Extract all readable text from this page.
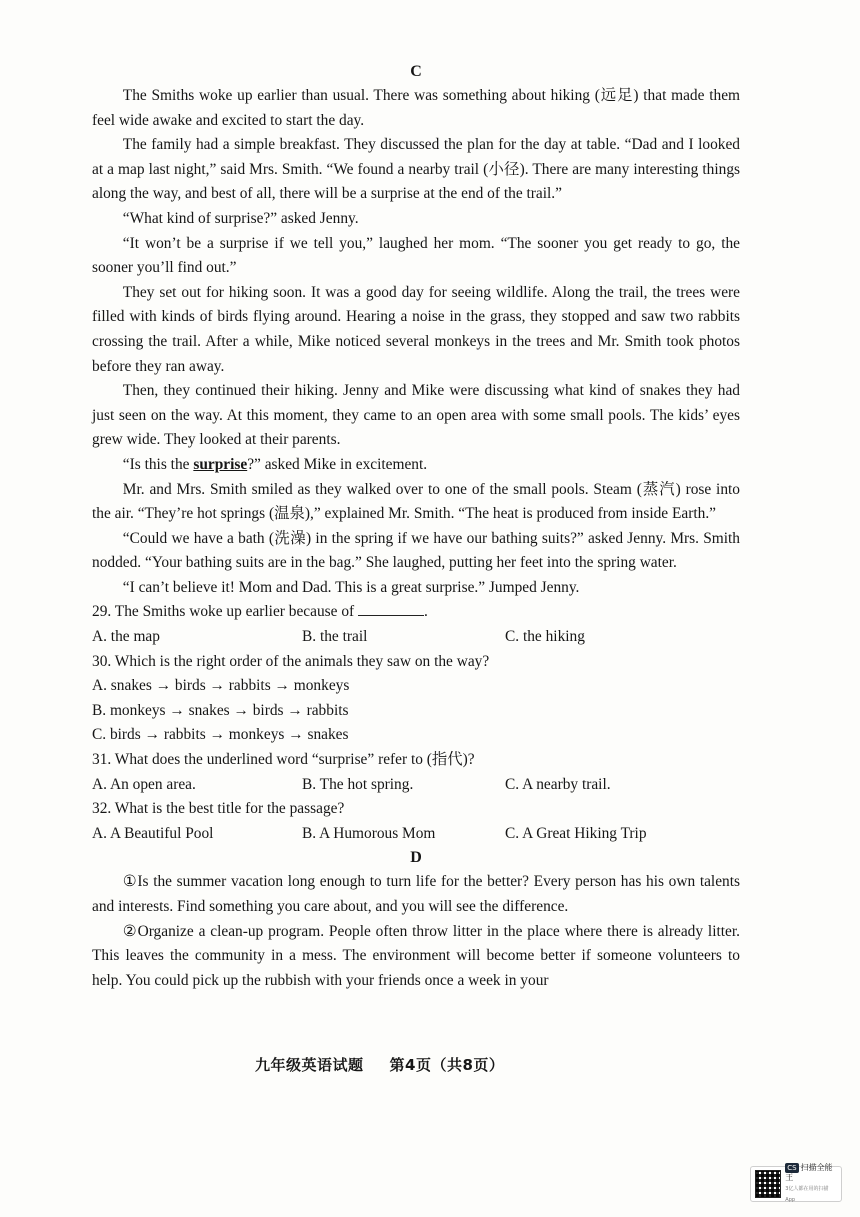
C

The Smiths woke up earlier than usual. There was something about hiking (远足) that made them feel wide awake and excited to start the day.

The family had a simple breakfast. They discussed the plan for the day at table. “Dad and I looked at a map last night,” said Mrs. Smith. “We found a nearby trail (小径). There are many interesting things along the way, and best of all, there will be a surprise at the end of the trail.”

“What kind of surprise?” asked Jenny.

“It won’t be a surprise if we tell you,” laughed her mom. “The sooner you get ready to go, the sooner you’ll find out.”

They set out for hiking soon. It was a good day for seeing wildlife. Along the trail, the trees were filled with kinds of birds flying around. Hearing a noise in the grass, they stopped and saw two rabbits crossing the trail. After a while, Mike noticed several monkeys in the trees and Mr. Smith took photos before they ran away.

Then, they continued their hiking. Jenny and Mike were discussing what kind of snakes they had just seen on the way. At this moment, they came to an open area with some small pools. The kids’ eyes grew wide. They looked at their parents.

“Is this the surprise?” asked Mike in excitement.

Mr. and Mrs. Smith smiled as they walked over to one of the small pools. Steam (蒸汽) rose into the air. “They’re hot springs (温泉),” explained Mr. Smith. “The heat is produced from inside Earth.”

“Could we have a bath (洗澡) in the spring if we have our bathing suits?” asked Jenny. Mrs. Smith nodded. “Your bathing suits are in the bag.” She laughed, putting her feet into the spring water.

“I can’t believe it! Mom and Dad. This is a great surprise.” Jumped Jenny.

29. The Smiths woke up earlier because of	.
A. the map	B. the trail	C. the hiking
30. Which is the right order of the animals they saw on the way?
A. snakes → birds → rabbits → monkeys
B. monkeys → snakes → birds → rabbits
C. birds → rabbits → monkeys → snakes
31. What does the underlined word “surprise” refer to (指代)?
A. An open area.	B. The hot spring.	C. A nearby trail.
32. What is the best title for the passage?
A. A Beautiful Pool	B. A Humorous Mom	C. A Great Hiking Trip
D

①Is the summer vacation long enough to turn life for the better? Every person has his own talents and interests. Find something you care about, and you will see the difference.

②Organize a clean-up program. People often throw litter in the place where there is already litter. This leaves the community in a mess. The environment will become better if someone volunteers to help. You could pick up the rubbish with your friends once a week in your

九年级英语试题 第4页（共8页）
CS 扫描全能王
3亿人都在用的扫描App
